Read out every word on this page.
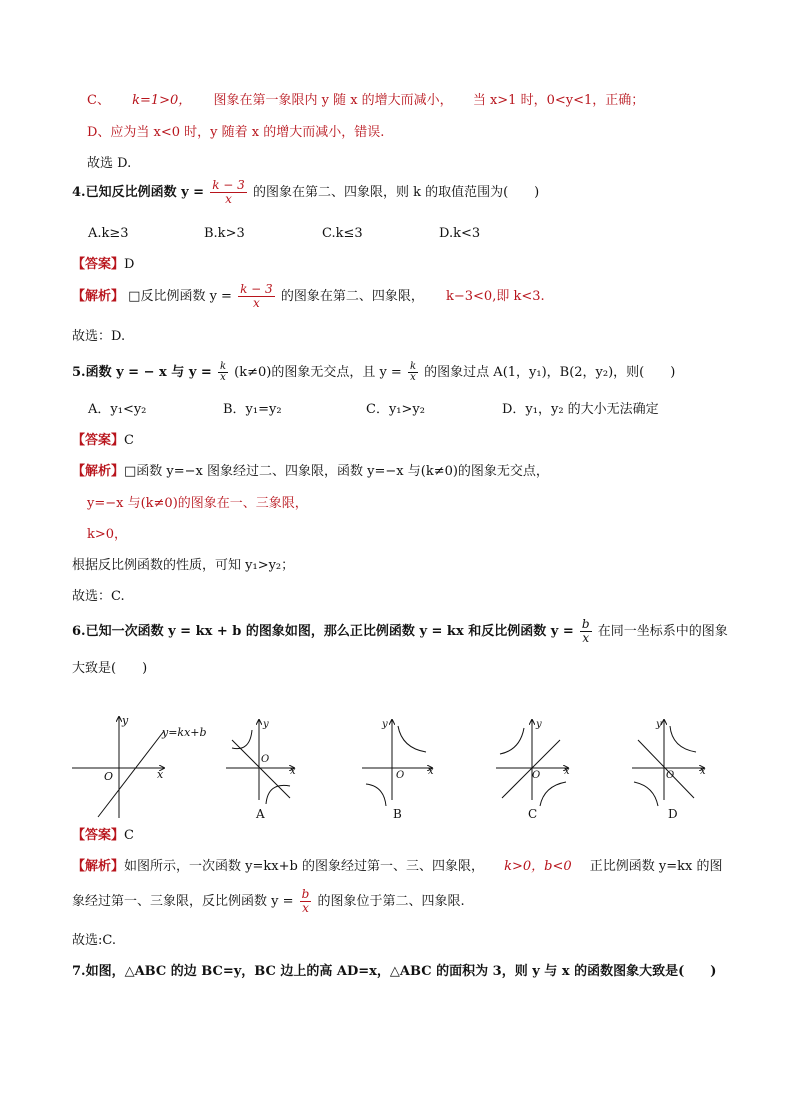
C、 k=1>0， 图象在第一象限内 y 随 x 的增大而减小， 当 x>1 时，0<y<1，正确；
D、应为当 x<0 时，y 随着 x 的增大而减小，错误.
故选 D.
4.已知反比例函数 $y = \frac{k - 3}{x}$ 的图象在第二、四象限，则 k 的取值范围为(　　)
A.k≥3	B.k>3	C.k≤3	D.k<3
【答案】D
【解析】 □反比例函数 $y = \frac{k - 3}{x}$ 的图象在第二、四象限， k−3<0,即 k<3.
故选：D.
5.函数 y = − x 与 $y = \frac{k}{x} (k\ne 0)$的图象无交点，且 $y = \frac{k}{x}$ 的图象过点 A(1，y₁)，B(2，y₂)，则(　　)
A．y₁<y₂	B．y₁=y₂	C．y₁>y₂	D．y₁，y₂ 的大小无法确定
【答案】C
【解析】□函数 y=−x 图象经过二、四象限，函数 y=−x 与(k≠0)的图象无交点，
y=−x 与(k≠0)的图象在一、三象限，
k>0，
根据反比例函数的性质，可知 y₁>y₂；
故选：C.
6.已知一次函数 y = kx + b 的图象如图，那么正比例函数 y = kx 和反比例函数 $y = \frac{b}{x}$ 在同一坐标系中的图象
大致是(　　)
y=kx+b
x
y
O	x
y
O
A
x
y
O
B
x
y
O
C
x
y
O
D
【答案】C
【解析】如图所示，一次函数 y=kx+b 的图象经过第一、三、四象限， k>0，b<0 正比例函数 y=kx 的图
象经过第一、三象限，反比例函数 $y = \frac{b}{x}$ 的图象位于第二、四象限.
故选:C.
7.如图，△ABC 的边 BC=y，BC 边上的高 AD=x，△ABC 的面积为 3，则 y 与 x 的函数图象大致是(　　)
